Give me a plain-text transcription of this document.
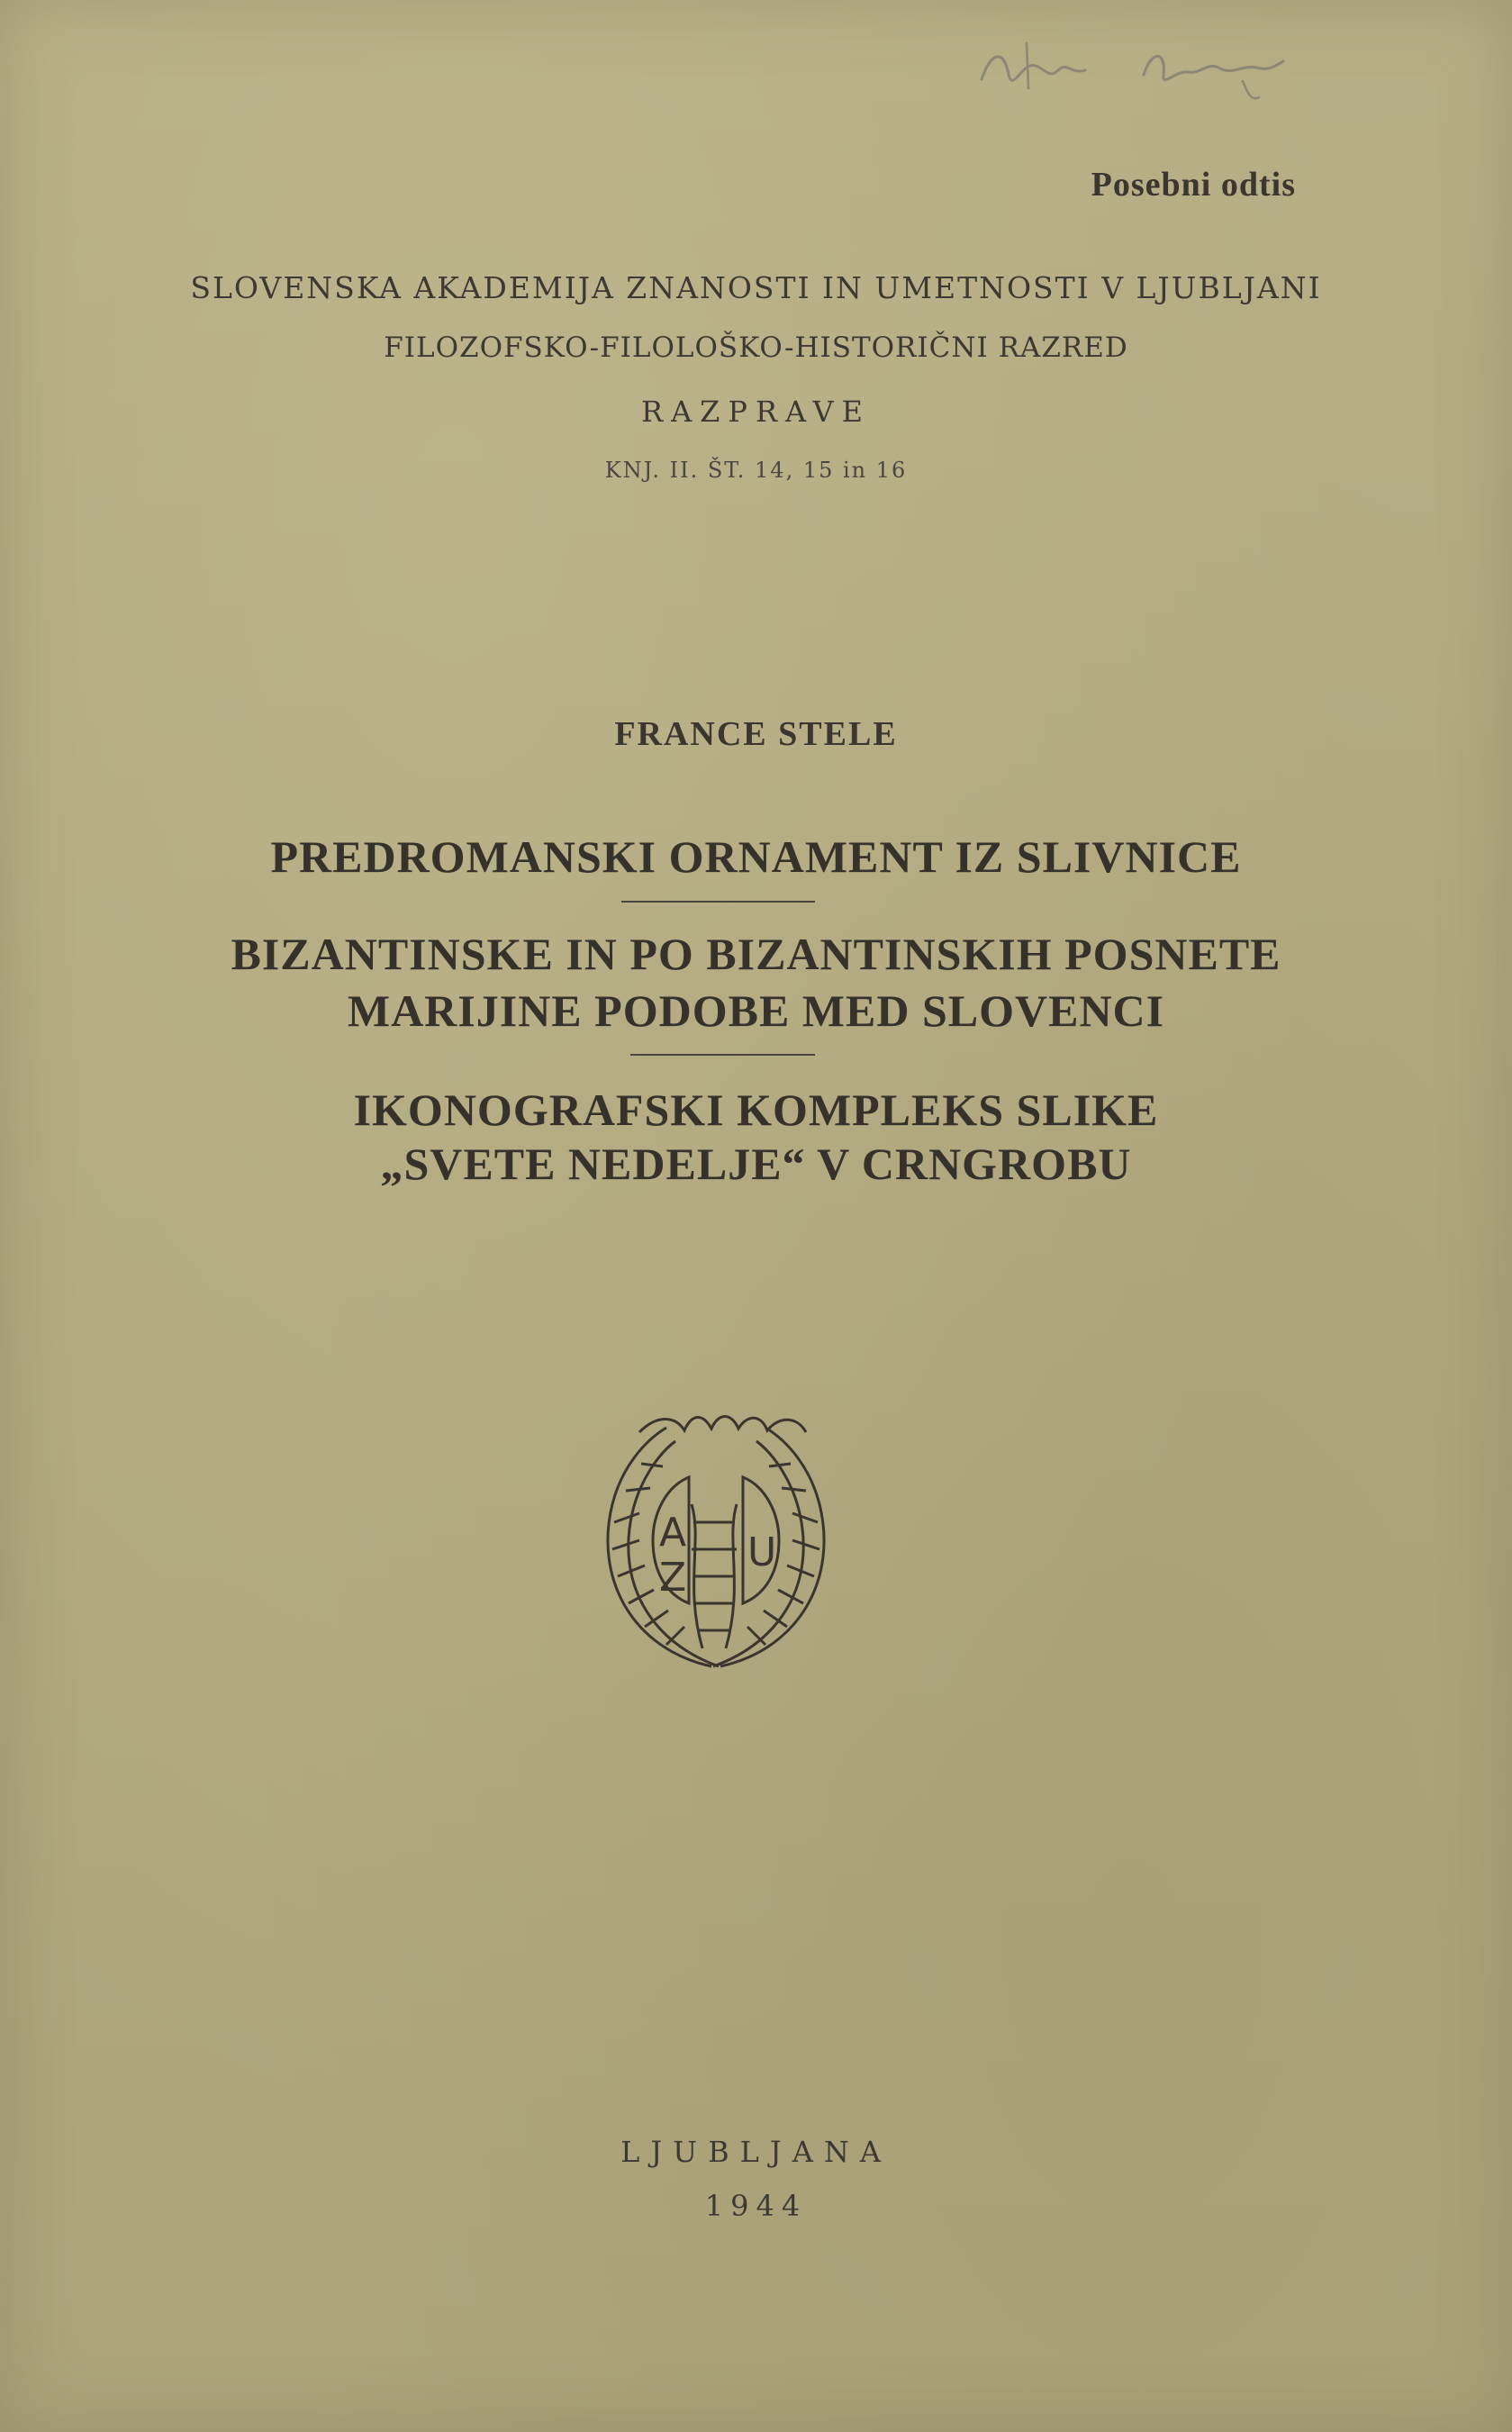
Posebni odtis
SLOVENSKA AKADEMIJA ZNANOSTI IN UMETNOSTI V LJUBLJANI
FILOZOFSKO-FILOLOŠKO-HISTORIČNI RAZRED
RAZPRAVE
KNJ. II. ŠT. 14, 15 in 16
FRANCE STELE
PREDROMANSKI ORNAMENT IZ SLIVNICE
BIZANTINSKE IN PO BIZANTINSKIH POSNETE
MARIJINE PODOBE MED SLOVENCI
IKONOGRAFSKI KOMPLEKS SLIKE
„SVETE NEDELJE“ V CRNGROBU
A
Z
U
LJUBLJANA
1944
